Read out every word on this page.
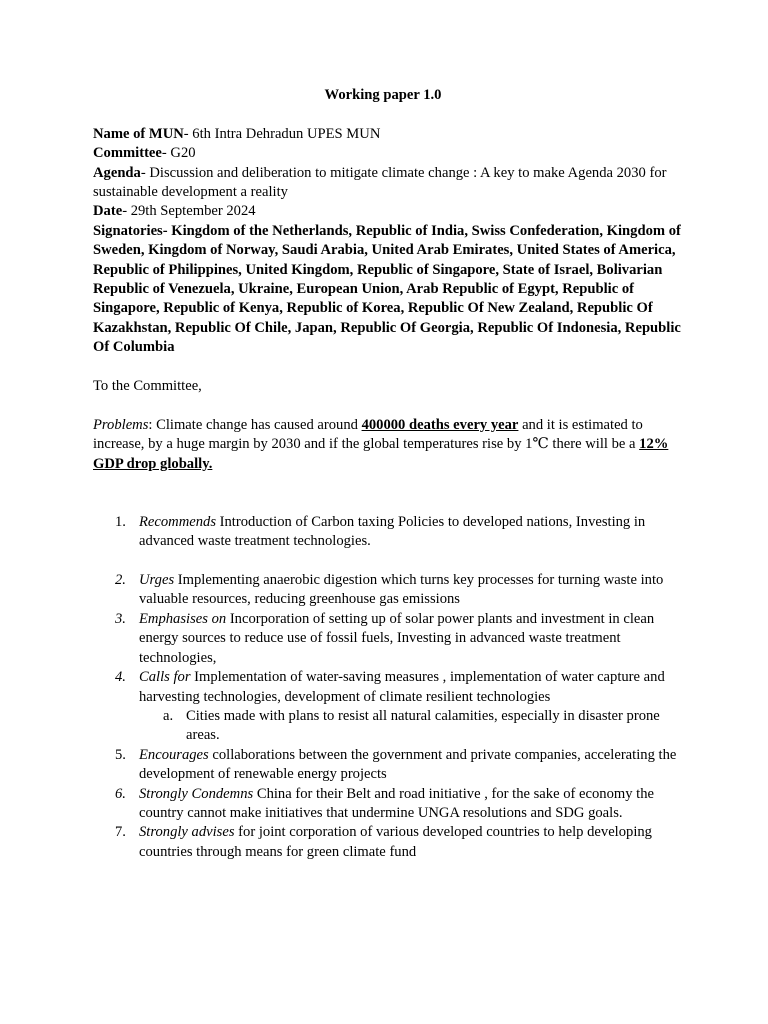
Working paper 1.0

Name of MUN- 6th Intra Dehradun UPES MUN

Committee- G20

Agenda- Discussion and deliberation to mitigate climate change : A key to make Agenda 2030 for sustainable development a reality

Date- 29th September 2024

Signatories- Kingdom of the Netherlands, Republic of India, Swiss Confederation, Kingdom of Sweden, Kingdom of Norway, Saudi Arabia, United Arab Emirates, United States of America, Republic of Philippines, United Kingdom, Republic of Singapore, State of Israel, Bolivarian Republic of Venezuela, Ukraine, European Union, Arab Republic of Egypt, Republic of Singapore, Republic of Kenya, Republic of Korea, Republic Of New Zealand, Republic Of Kazakhstan, Republic Of Chile, Japan, Republic Of Georgia, Republic Of Indonesia, Republic Of Columbia

To the Committee,

Problems: Climate change has caused around 400000 deaths every year and it is estimated to increase, by a huge margin by 2030 and if the global temperatures rise by 1℃ there will be a 12% GDP drop globally.

1. Recommends Introduction of Carbon taxing Policies to developed nations, Investing in advanced waste treatment technologies.
2. Urges Implementing anaerobic digestion which turns key processes for turning waste into valuable resources, reducing greenhouse gas emissions
3. Emphasises on Incorporation of setting up of solar power plants and investment in clean energy sources to reduce use of fossil fuels, Investing in advanced waste treatment technologies,
4. Calls for Implementation of water-saving measures , implementation of water capture and harvesting technologies, development of climate resilient technologies
a. Cities made with plans to resist all natural calamities, especially in disaster prone areas.
5. Encourages collaborations between the government and private companies, accelerating the development of renewable energy projects
6. Strongly Condemns China for their Belt and road initiative , for the sake of economy the country cannot make initiatives that undermine UNGA resolutions and SDG goals.
7. Strongly advises for joint corporation of various developed countries to help developing countries through means for green climate fund
